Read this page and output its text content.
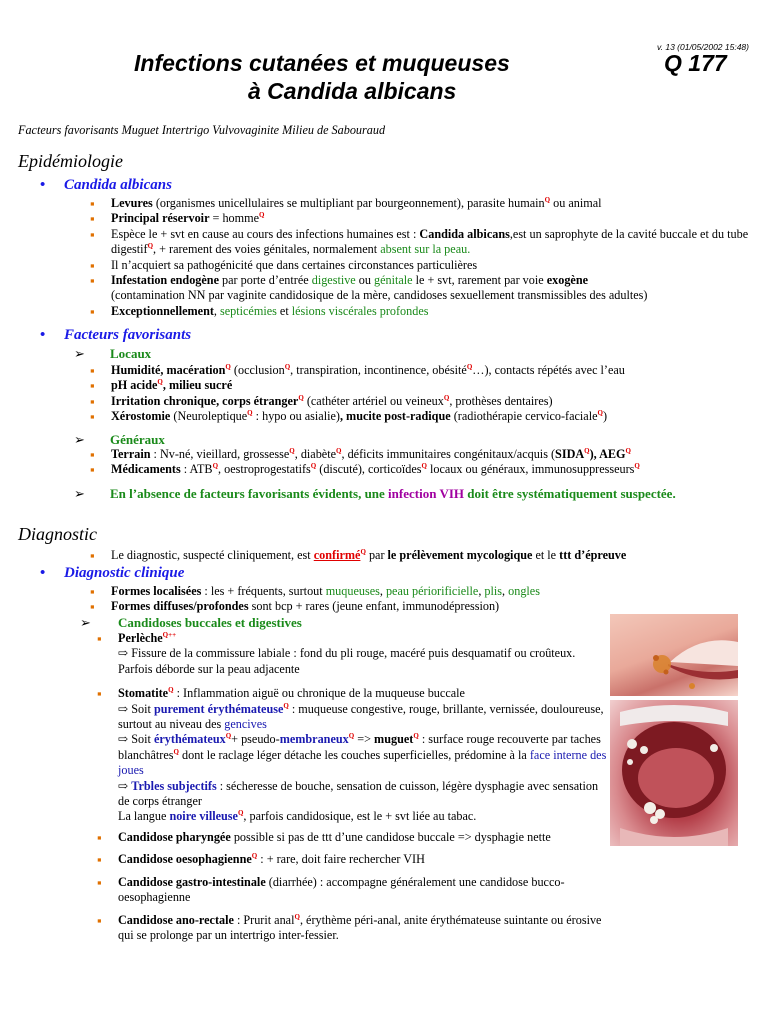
v. 13 (01/05/2002 15:48)
Infections cutanées et muqueuses	Q 177
à Candida albicans
Facteurs favorisants Muguet Intertrigo Vulvovaginite Milieu de Sabouraud
Epidémiologie
• Candida albicans
▪ Levures (organismes unicellulaires se multipliant par bourgeonnement), parasite humain$^Q$ ou animal
▪ Principal réservoir = homme$^Q$
▪ Espèce le + svt en cause au cours des infections humaines est : Candida albicans,est un saprophyte de la cavité buccale et du tube digestif$^Q$, + rarement des voies génitales, normalement absent sur la peau.
▪ Il n’acquiert sa pathogénicité que dans certaines circonstances particulières
▪ Infestation endogène par porte d’entrée digestive ou génitale le + svt, rarement par voie exogène
(contamination NN par vaginite candidosique de la mère, candidoses sexuellement transmissibles des adultes)
▪ Exceptionnellement, septicémies et lésions viscérales profondes
• Facteurs favorisants
➢ Locaux
▪ Humidité, macération$^Q$ (occlusion$^Q$, transpiration, incontinence, obésité$^Q$…), contacts répétés avec l’eau
▪ pH acide$^Q$, milieu sucré
▪ Irritation chronique, corps étranger$^Q$ (cathéter artériel ou veineux$^Q$, prothèses dentaires)
▪ Xérostomie (Neuroleptique$^Q$ : hypo ou asialie), mucite post-radique (radiothérapie cervico-faciale$^Q$)
➢ Généraux
▪ Terrain : Nv-né, vieillard, grossesse$^Q$, diabète$^Q$, déficits immunitaires congénitaux/acquis $(SIDA^Q)$, $AEG^Q$
▪ Médicaments : $ATB^Q$, oestroprogestatifs$^Q$ (discuté), corticoïdes$^Q$ locaux ou généraux, immunosuppresseurs$^Q$
➢ En l’absence de facteurs favorisants évidents, une infection VIH doit être systématiquement suspectée.
Diagnostic
▪ Le diagnostic, suspecté cliniquement, est confirmé$^Q$ par le prélèvement mycologique et le ttt d’épreuve
• Diagnostic clinique
▪ Formes localisées : les + fréquents, surtout muqueuses, peau périorificielle, plis, ongles
▪ Formes diffuses/profondes sont bcp + rares (jeune enfant, immunodépression)
➢ Candidoses buccales et digestives
▪ Perlèche$^{Q++}$
⇨ Fissure de la commissure labiale : fond du pli rouge, macéré puis desquamatif ou croûteux. Parfois déborde sur la peau adjacente
▪ Stomatite$^Q$ : Inflammation aiguë ou chronique de la muqueuse buccale
⇨ Soit purement érythémateuse$^Q$ : muqueuse congestive, rouge, brillante, vernissée, douloureuse, surtout au niveau des gencives
⇨ Soit érythémateux$^Q$+ pseudo-membraneux$^Q$ => muguet$^Q$ : surface rouge recouverte par taches blanchâtres$^Q$ dont le raclage léger détache les couches superficielles, prédomine à la face interne des joues
⇨ Trbles subjectifs : sécheresse de bouche, sensation de cuisson, légère dysphagie avec sensation de corps étranger
La langue noire villeuse$^Q$, parfois candidosique, est le + svt liée au tabac.
▪ Candidose pharyngée possible si pas de ttt d’une candidose buccale => dysphagie nette
▪ Candidose oesophagienne$^Q$ : + rare, doit faire rechercher VIH
▪ Candidose gastro-intestinale (diarrhée) : accompagne généralement une candidose bucco-oesophagienne
▪ Candidose ano-rectale : Prurit anal$^Q$, érythème péri-anal, anite érythémateuse suintante ou érosive qui se prolonge par un intertrigo inter-fessier.
